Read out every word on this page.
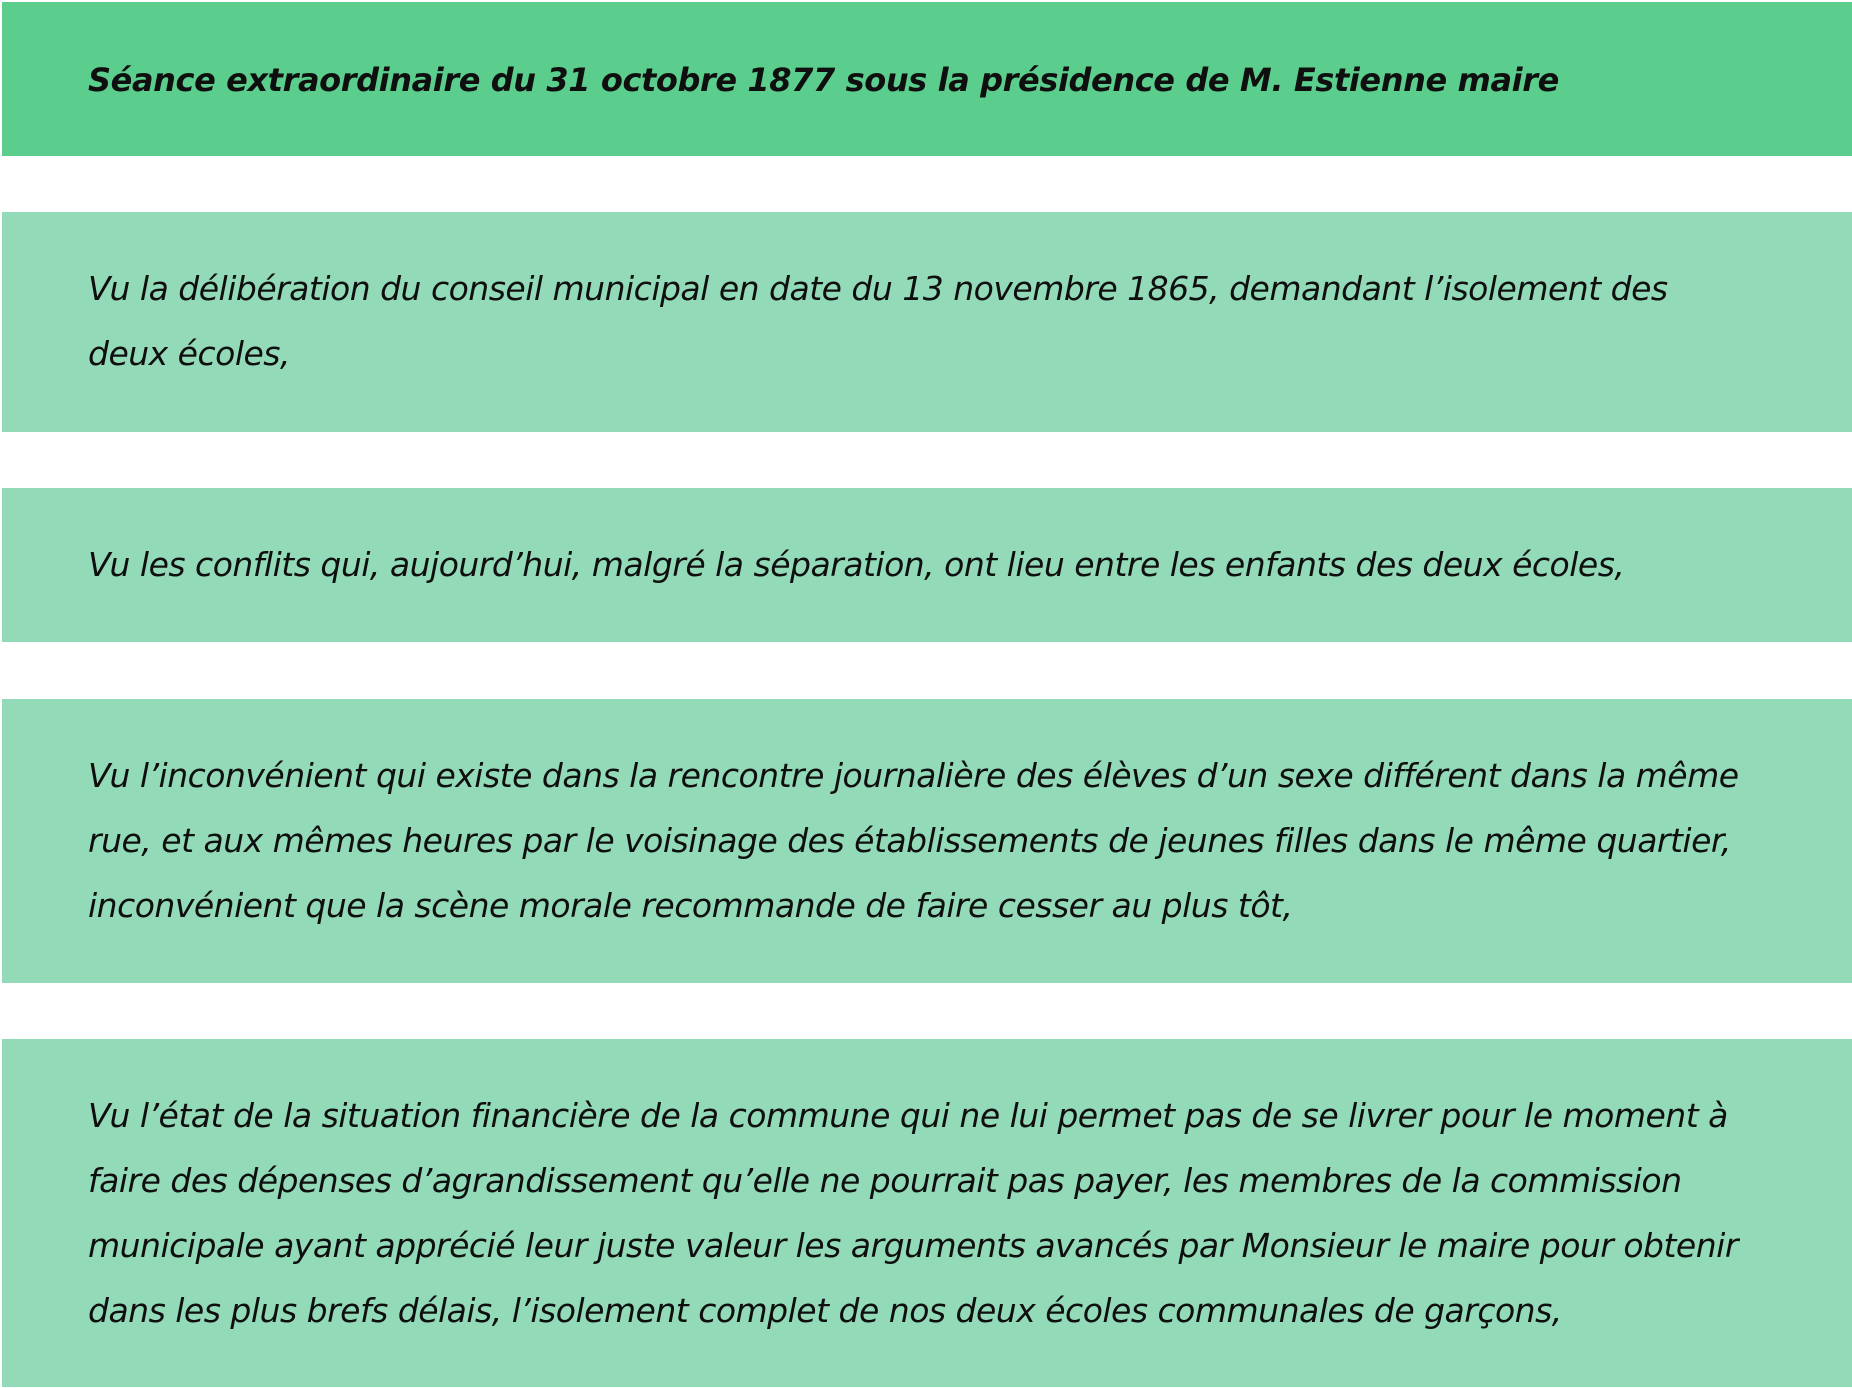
Séance extraordinaire du 31 octobre 1877 sous la présidence de M. Estienne maire
Vu la délibération du conseil municipal en date du 13 novembre 1865, demandant l’isolement des deux écoles,
Vu les conflits qui, aujourd’hui, malgré la séparation, ont lieu entre les enfants des deux écoles,
Vu l’inconvénient qui existe dans la rencontre journalière des élèves d’un sexe différent dans la même rue, et aux mêmes heures par le voisinage des établissements de jeunes filles dans le même quartier, inconvénient que la scène morale recommande de faire cesser au plus tôt,
Vu l’état de la situation financière de la commune qui ne lui permet pas de se livrer pour le moment à faire des dépenses d’agrandissement qu’elle ne pourrait pas payer, les membres de la commission municipale ayant apprécié leur juste valeur les arguments avancés par Monsieur le maire pour obtenir dans les plus brefs délais, l’isolement complet de nos deux écoles communales de garçons,
